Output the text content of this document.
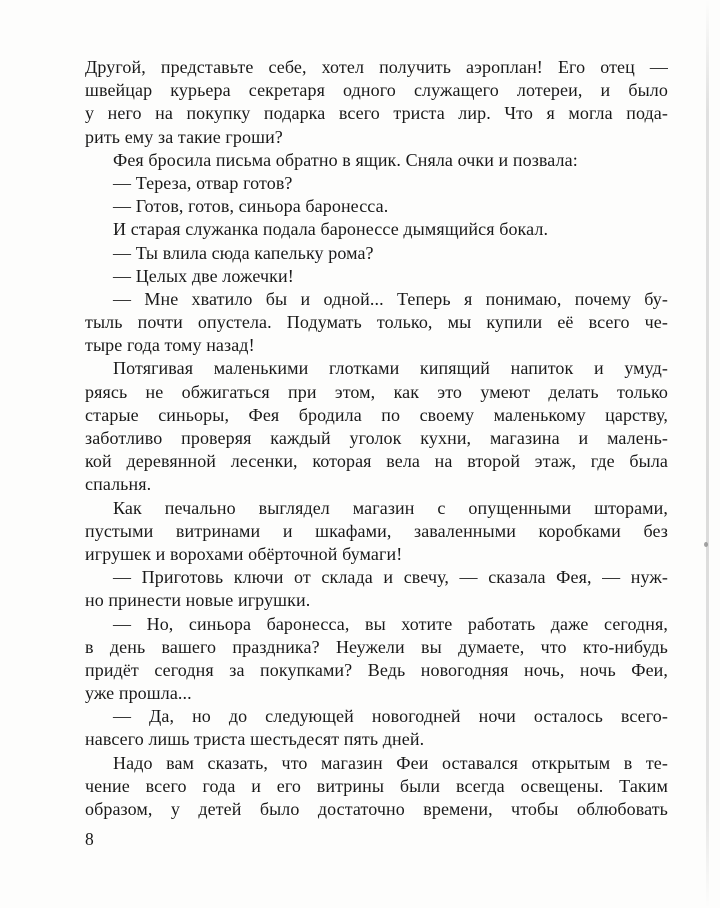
Другой, представьте себе, хотел получить аэроплан! Его отец —
швейцар курьера секретаря одного служащего лотереи, и было
у него на покупку подарка всего триста лир. Что я могла пода-
рить ему за такие гроши?
Фея бросила письма обратно в ящик. Сняла очки и позвала:
— Тереза, отвар готов?
— Готов, готов, синьора баронесса.
И старая служанка подала баронессе дымящийся бокал.
— Ты влила сюда капельку рома?
— Целых две ложечки!
— Мне хватило бы и одной... Теперь я понимаю, почему бу-
тыль почти опустела. Подумать только, мы купили её всего че-
тыре года тому назад!
Потягивая маленькими глотками кипящий напиток и умуд-
ряясь не обжигаться при этом, как это умеют делать только
старые синьоры, Фея бродила по своему маленькому царству,
заботливо проверяя каждый уголок кухни, магазина и малень-
кой деревянной лесенки, которая вела на второй этаж, где была
спальня.
Как печально выглядел магазин с опущенными шторами,
пустыми витринами и шкафами, заваленными коробками без
игрушек и ворохами обёрточной бумаги!
— Приготовь ключи от склада и свечу, — сказала Фея, — нуж-
но принести новые игрушки.
— Но, синьора баронесса, вы хотите работать даже сегодня,
в день вашего праздника? Неужели вы думаете, что кто-нибудь
придёт сегодня за покупками? Ведь новогодняя ночь, ночь Феи,
уже прошла...
— Да, но до следующей новогодней ночи осталось всего-
навсего лишь триста шестьдесят пять дней.
Надо вам сказать, что магазин Феи оставался открытым в те-
чение всего года и его витрины были всегда освещены. Таким
образом, у детей было достаточно времени, чтобы облюбовать
8
